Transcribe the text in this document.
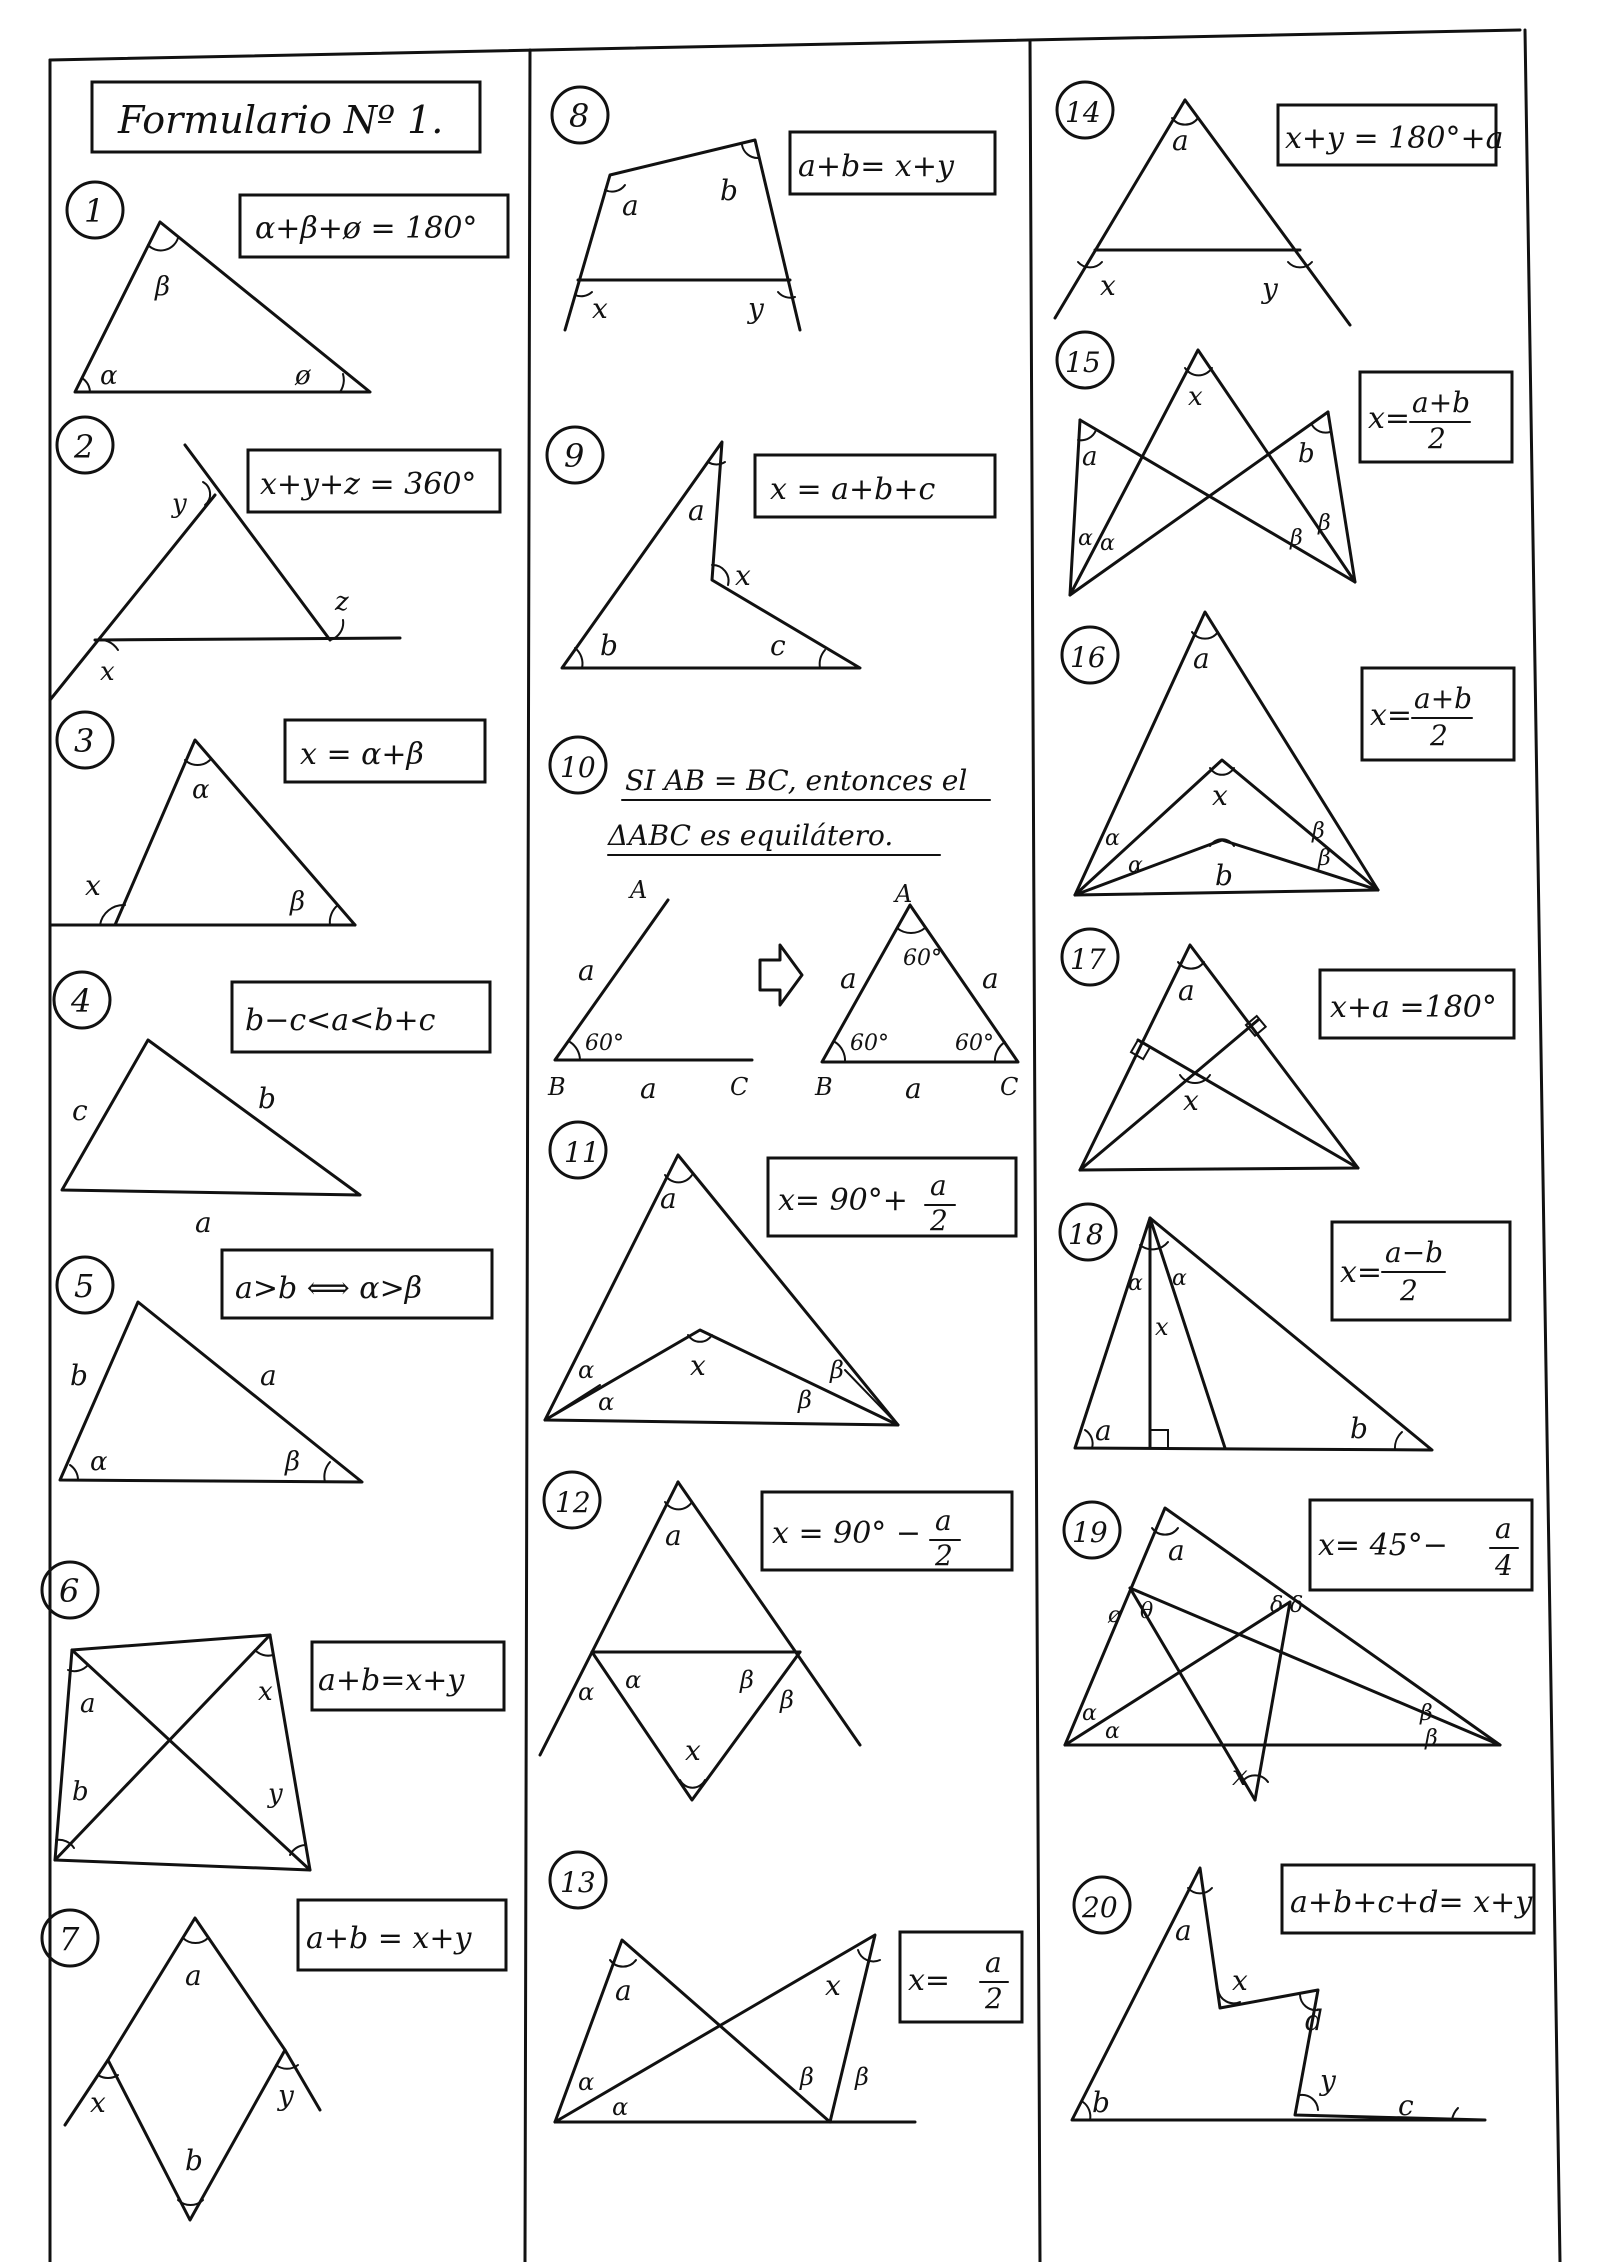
Formulario Nº 1.
1	α+β+ø = 180°
α
β
ø
2
x+y+z = 360°
x
y
z
3	x = α+β
x
α
β
4
b−c<a<b+c
c	b
a
5	a>b ⟺ α>β
b	a
α	β
6
a+b=x+y
a
b
x
y
7	a+b = x+y
a
b
x	y
8
a+b= x+y
a	b
x	y
9
x = a+b+c
a
x
b	c
10 SI AB = BC, entonces el
ΔABC es equilátero.
A
a
60°
B	a	C
A
60°
a	a
60°	60°
B	a	C
11
x= 90°+ a
2
a
x
α
α	β
β
12
x = 90° − a
2
a
α α	β
β
x
13
x=
a
2
a	x
α
α
β β
14
x+y = 180°+a
a
x	y
15
x= a+b
2
x
a	b
α α	β
β
16
x= a+b
2
a
x
b
α
α
β
β
17
x+a =180°
a
x
18
x=
a−b
2
α α
x
a	b
19	x= 45°− a
4
a
ø θ	δ δ
α
α
β
β
x
20	a+b+c+d= x+y
a
x
d
y
b	c
